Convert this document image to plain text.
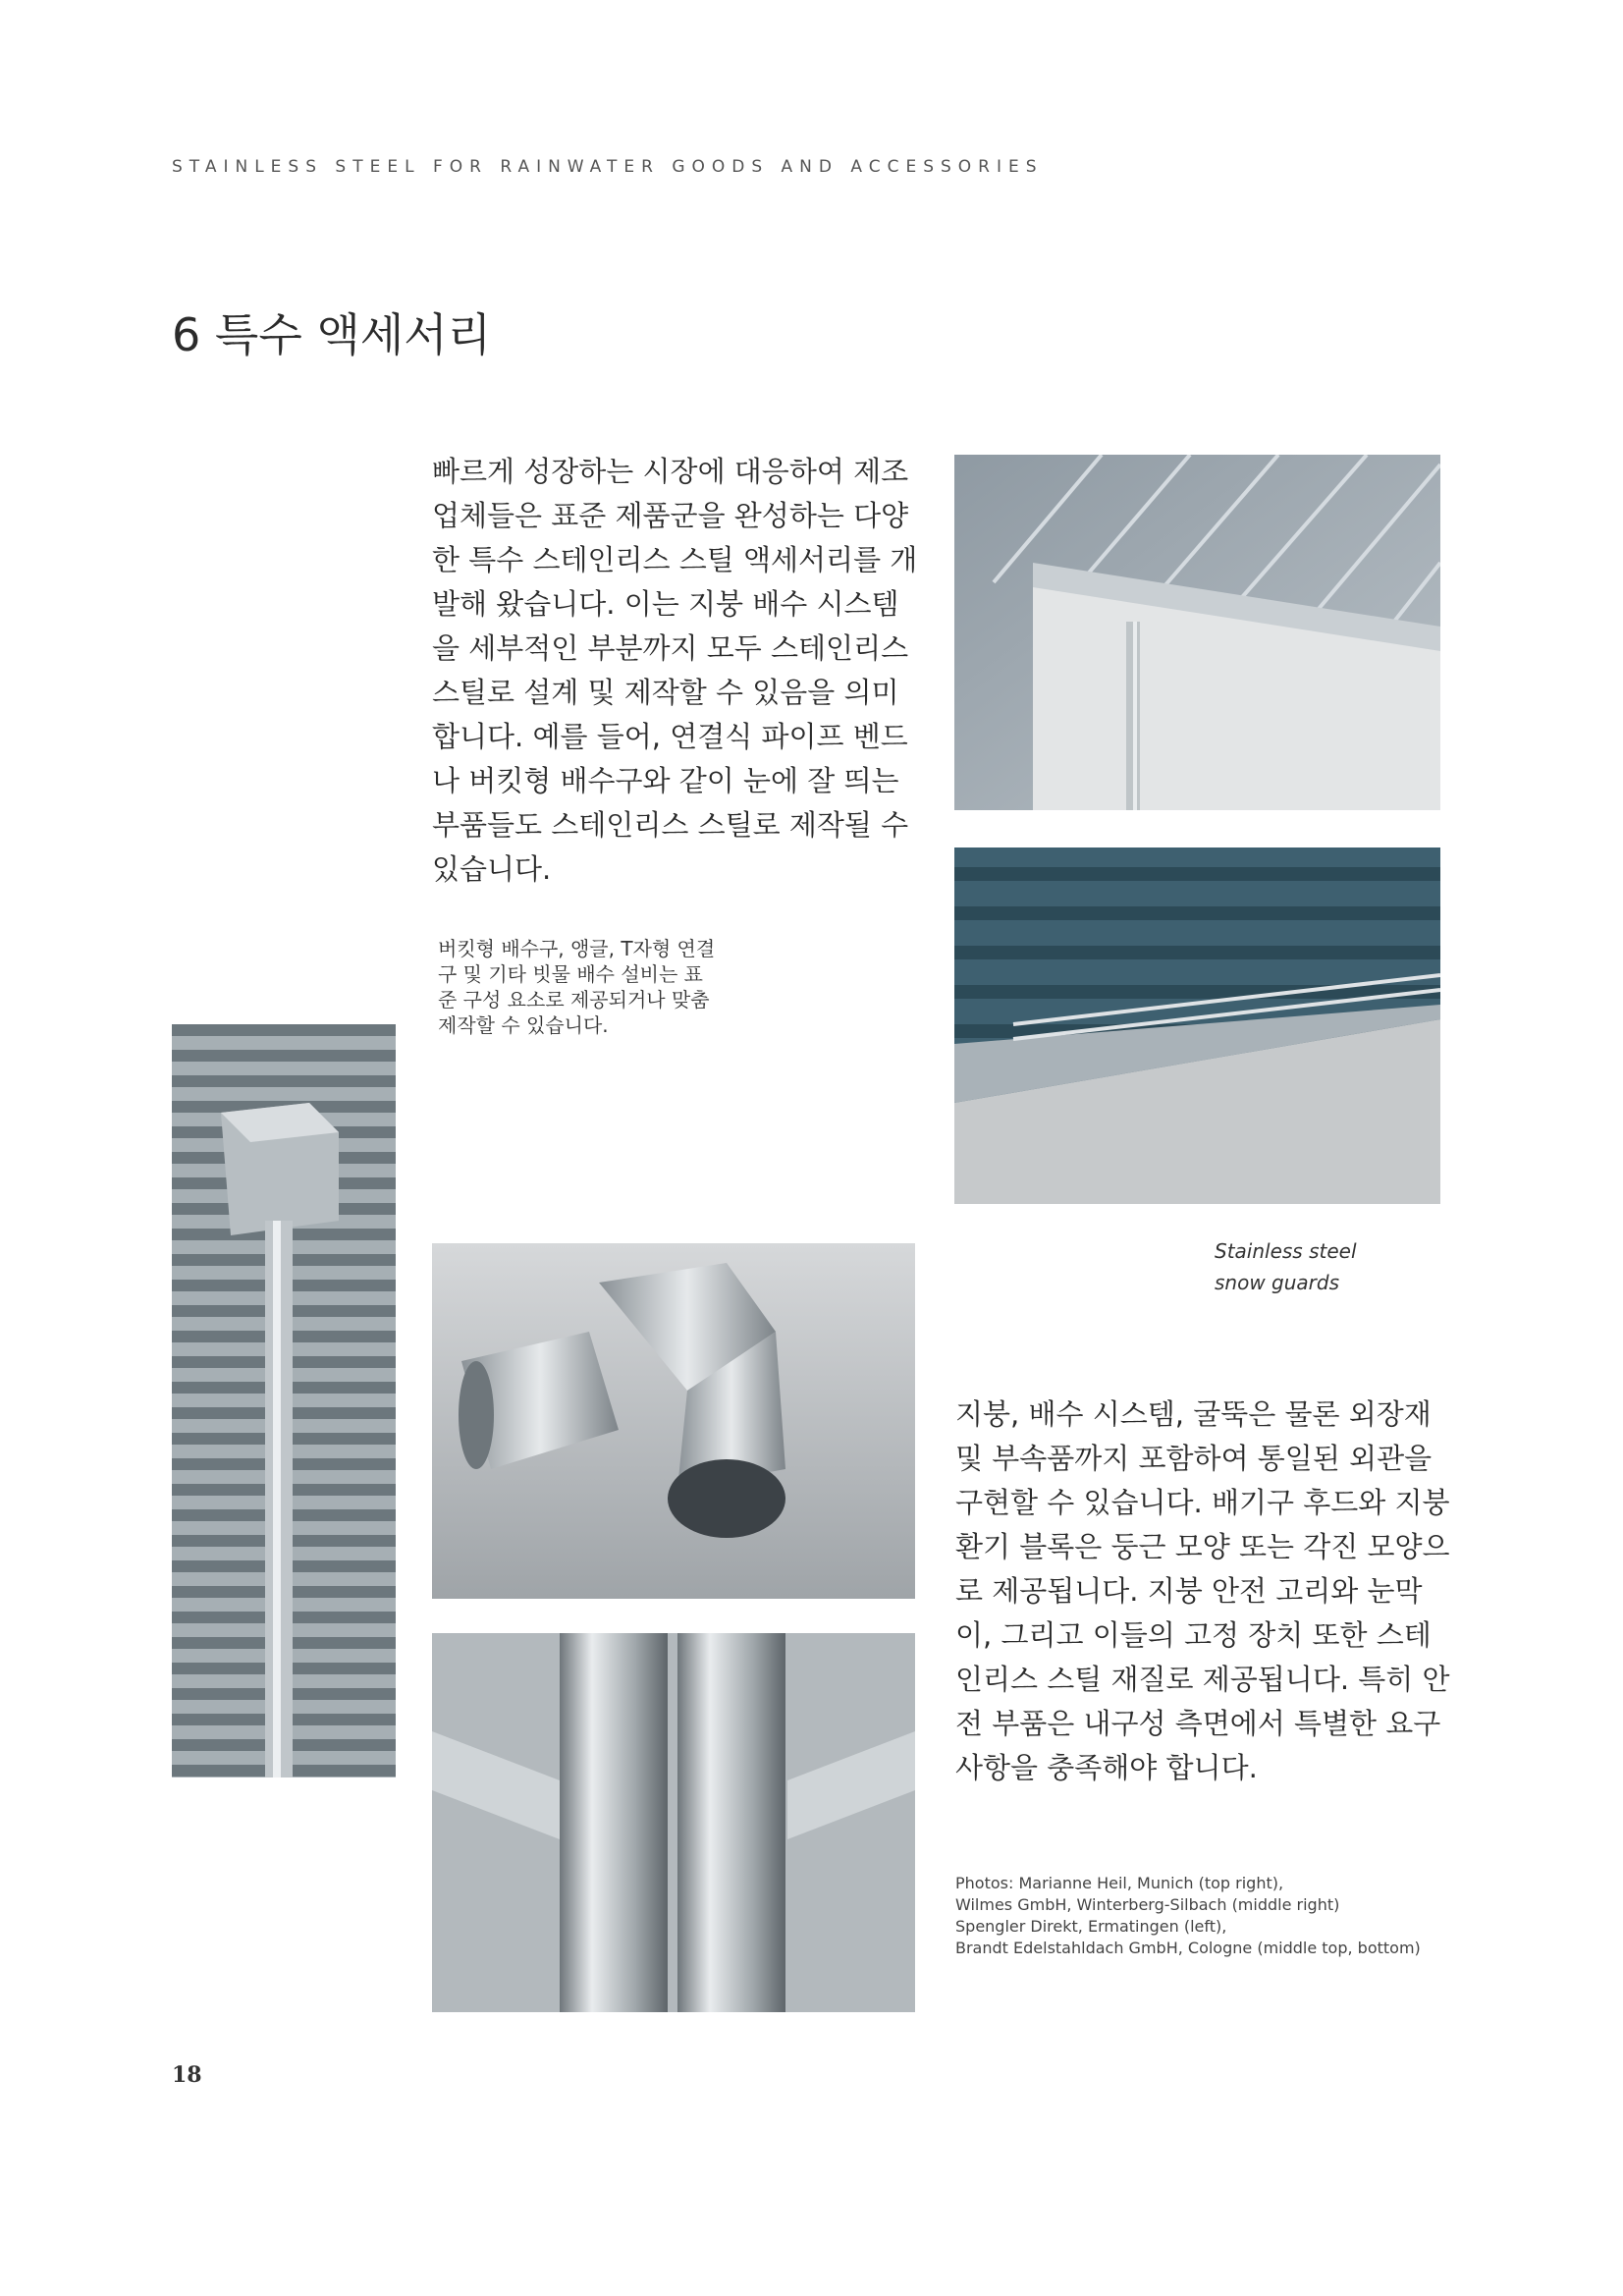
STAINLESS STEEL FOR RAINWATER GOODS AND ACCESSORIES
6 특수 액세서리
빠르게 성장하는 시장에 대응하여 제조업체들은 표준 제품군을 완성하는 다양한 특수 스테인리스 스틸 액세서리를 개발해 왔습니다. 이는 지붕 배수 시스템을 세부적인 부분까지 모두 스테인리스 스틸로 설계 및 제작할 수 있음을 의미합니다. 예를 들어, 연결식 파이프 벤드나 버킷형 배수구와 같이 눈에 잘 띄는 부품들도 스테인리스 스틸로 제작될 수 있습니다.
버킷형 배수구, 앵글, T자형 연결구 및 기타 빗물 배수 설비는 표준 구성 요소로 제공되거나 맞춤 제작할 수 있습니다.
Stainless steel snow guards
지붕, 배수 시스템, 굴뚝은 물론 외장재 및 부속품까지 포함하여 통일된 외관을 구현할 수 있습니다. 배기구 후드와 지붕 환기 블록은 둥근 모양 또는 각진 모양으로 제공됩니다. 지붕 안전 고리와 눈막이, 그리고 이들의 고정 장치 또한 스테인리스 스틸 재질로 제공됩니다. 특히 안전 부품은 내구성 측면에서 특별한 요구 사항을 충족해야 합니다.
Photos: Marianne Heil, Munich (top right),
Wilmes GmbH, Winterberg-Silbach (middle right)
Spengler Direkt, Ermatingen (left),
Brandt Edelstahldach GmbH, Cologne (middle top, bottom)
18
